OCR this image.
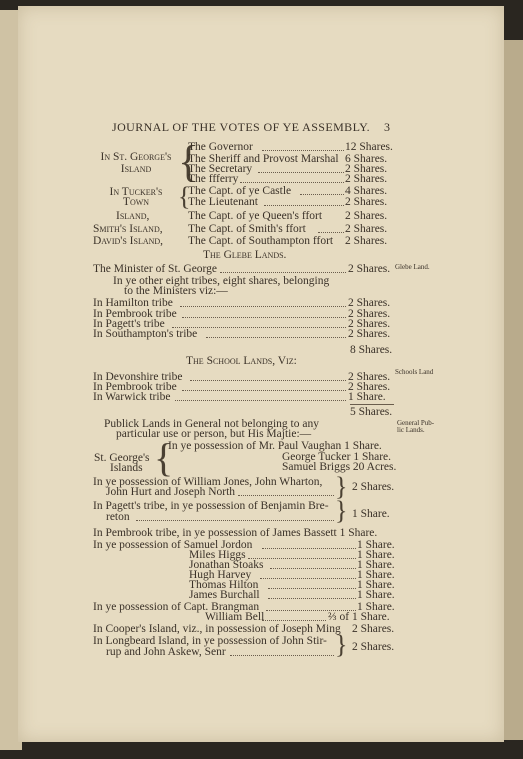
JOURNAL OF THE VOTES OF YE ASSEMBLY. 3
In St. George's
Island {
The Governor	12 Shares.
The Sheriff and Provost Marshal 6 Shares.
The Secretary	2 Shares.
The ffferry	2 Shares.
In Tucker's
Town	{
The Capt. of ye Castle	4 Shares.
The Lieutenant	2 Shares.
Island,	The Capt. of ye Queen's ffort 2 Shares.
Smith's Island, The Capt. of Smith's ffort	2 Shares.
David's Island, The Capt. of Southampton ffort 2 Shares.
The Glebe Lands.
The Minister of St. George	2 Shares. Glebe Land.
In ye other eight tribes, eight shares, belonging
to the Ministers viz:—
In Hamilton tribe	2 Shares.
In Pembrook tribe	2 Shares.
In Pagett's tribe	2 Shares.
In Southampton's tribe	2 Shares.
8 Shares.
The School Lands, Viz:
In Devonshire tribe	2 Shares. Schools Land
In Pembrook tribe	2 Shares.
In Warwick tribe	1 Share.
5 Shares.
Publick Lands in General not belonging to any
particular use or person, but His Majtie:—
General Pub-
lic Lands.
St. George's
Islands {
In ye possession of Mr. Paul Vaughan 1 Share.
George Tucker 1 Share.
Samuel Briggs 20 Acres.
In ye possession of William Jones, John Wharton,
John Hurt and Joseph North	} 2 Shares.
In Pagett's tribe, in ye possession of Benjamin Bre-
reton	} 1 Share.
In Pembrook tribe, in ye possession of James Bassett 1 Share.
In ye possession of Samuel Jordon	1 Share.
Miles Higgs	1 Share.
Jonathan Stoaks	1 Share.
Hugh Harvey	1 Share.
Thomas Hilton	1 Share.
James Burchall	1 Share.
In ye possession of Capt. Brangman	1 Share.
William Bell	⅔ of 1 Share.
In Cooper's Island, viz., in possession of Joseph Ming 2 Shares.
In Longbeard Island, in ye possession of John Stir-
rup and John Askew, Senr	} 2 Shares.
